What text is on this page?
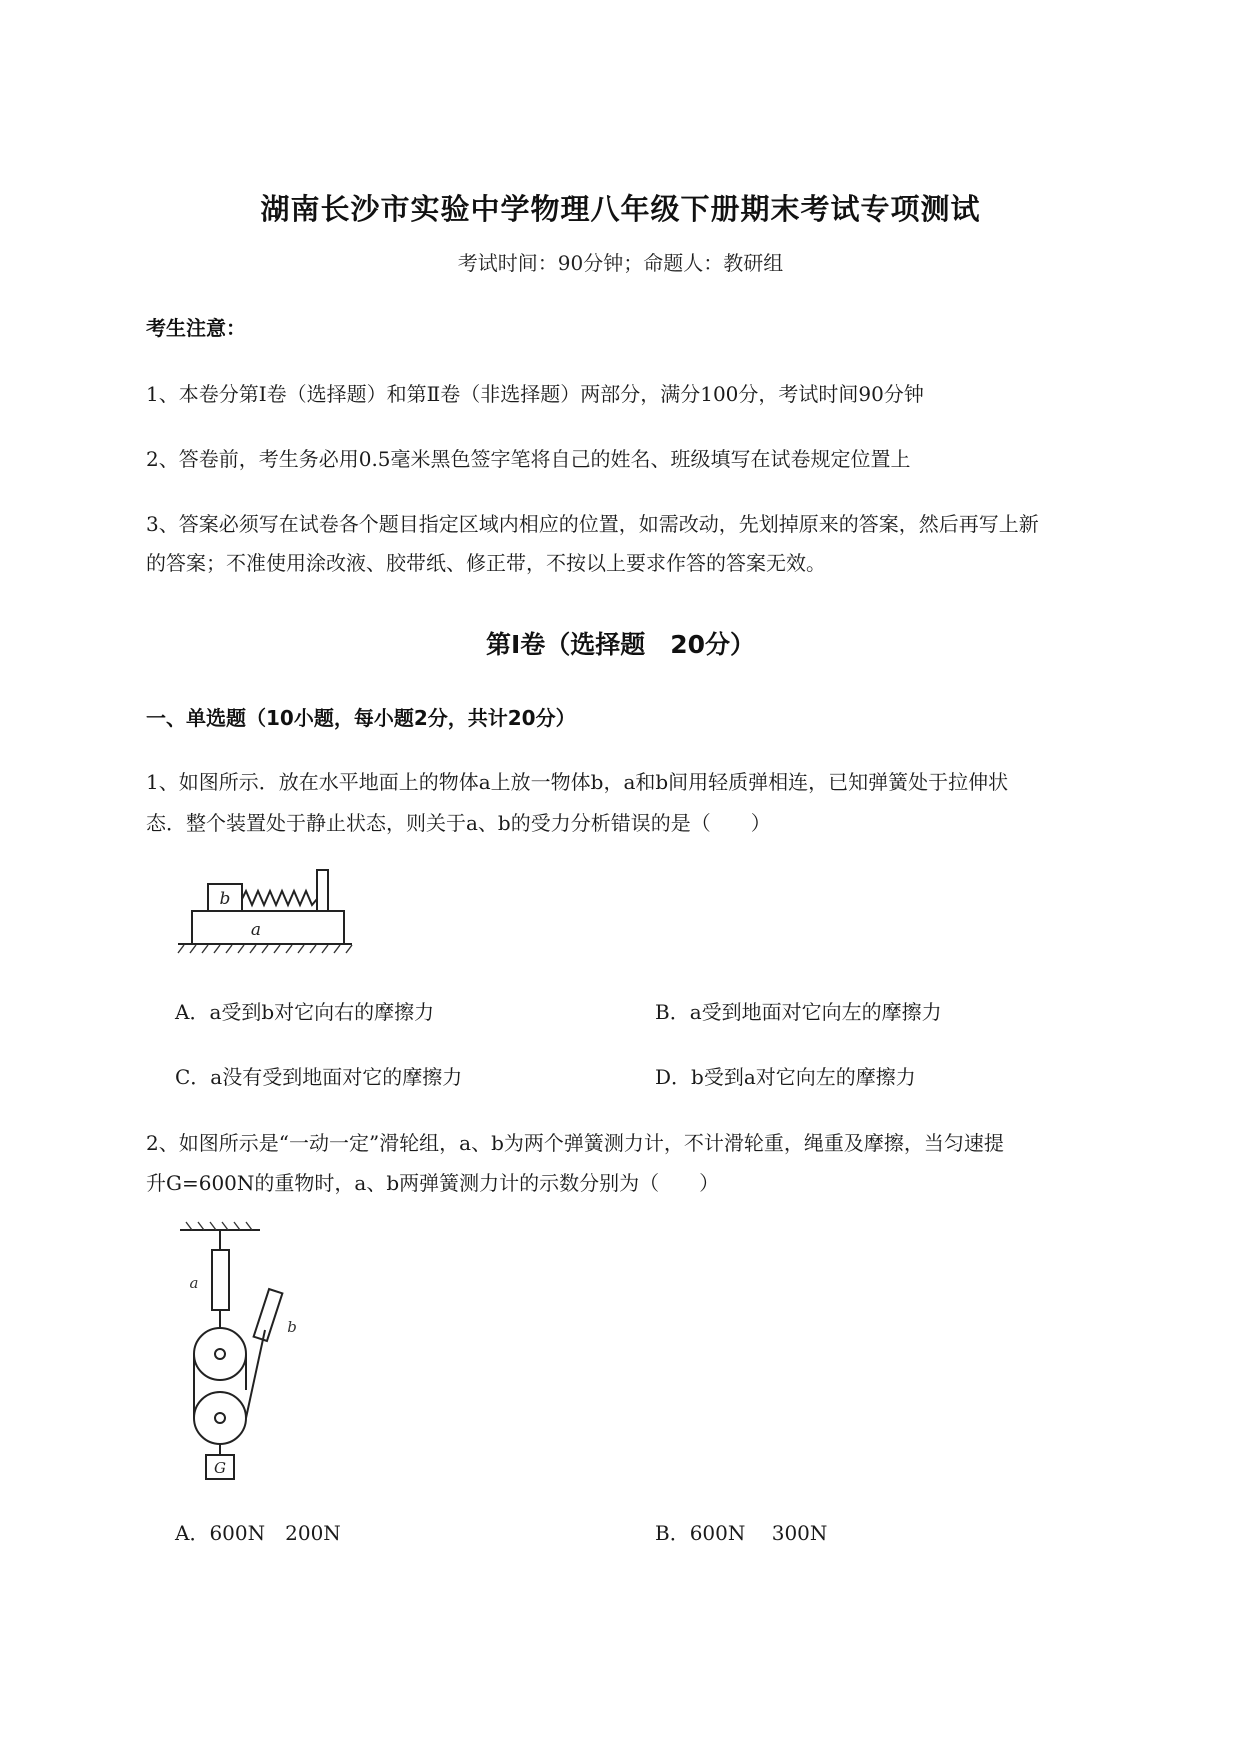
湖南长沙市实验中学物理八年级下册期末考试专项测试
考试时间：90分钟；命题人：教研组
考生注意：
1、本卷分第Ⅰ卷（选择题）和第Ⅱ卷（非选择题）两部分，满分100分，考试时间90分钟
2、答卷前，考生务必用0.5毫米黑色签字笔将自己的姓名、班级填写在试卷规定位置上
3、答案必须写在试卷各个题目指定区域内相应的位置，如需改动，先划掉原来的答案，然后再写上新
的答案；不准使用涂改液、胶带纸、修正带，不按以上要求作答的答案无效。
第Ⅰ卷（选择题　20分）
一、单选题（10小题，每小题2分，共计20分）
1、如图所示．放在水平地面上的物体a上放一物体b，a和b间用轻质弹相连，已知弹簧处于拉伸状
态．整个装置处于静止状态，则关于a、b的受力分析错误的是（　　）
b
a
A．a受到b对它向右的摩擦力	B．a受到地面对它向左的摩擦力
C．a没有受到地面对它的摩擦力	D．b受到a对它向左的摩擦力
2、如图所示是“一动一定”滑轮组，a、b为两个弹簧测力计，不计滑轮重，绳重及摩擦，当匀速提
升G=600N的重物时，a、b两弹簧测力计的示数分别为（　　）
a
b
G
A．600N　200N	B．600N　 300N
